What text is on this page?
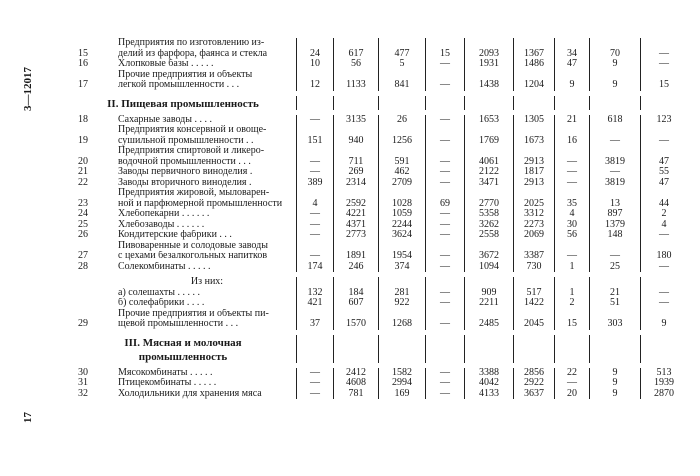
3—12017
17
	Предприятия по изготовлению из-									
15	делий из фарфора, фаянса и стекла	24	617	477	15	2093	1367	34	70	—
16	Хлопковые базы . . . . .	10	56	5	—	1931	1486	47	9	—
	Прочие предприятия и объекты									
17	легкой промышленности . . .	12	1133	841	—	1438	1204	9	9	15

II. Пищевая промышленность										

18	Сахарные заводы . . . .	—	3135	26	—	1653	1305	21	618	123
	Предприятия консервной и овоще-									
19	сушильной промышленности . .	151	940	1256	—	1769	1673	16	—	—
	Предприятия спиртовой и ликеро-									
20	водочной промышленности . . .	—	711	591	—	4061	2913	—	3819	47
21	Заводы первичного виноделия .	—	269	462	—	2122	1817	—	—	55
22	Заводы вторичного виноделия .	389	2314	2709	—	3471	2913	—	3819	47
	Предприятия жировой, мыловарен-									
23	ной и парфюмерной промышленности	4	2592	1028	69	2770	2025	35	13	44
24	Хлебопекарни . . . . . .	—	4221	1059	—	5358	3312	4	897	2
25	Хлебозаводы . . . . . .	—	4371	2244	—	3262	2273	30	1379	4
26	Кондитерские фабрики . . .	—	2773	3624	—	2558	2069	56	148	—
	Пивоваренные и солодовые заводы									
27	с цехами безалкогольных напитков	—	1891	1954	—	3672	3387	—	—	180
28	Солекомбинаты . . . . .	174	246	374	—	1094	730	1	25	—

	Из них:									
	а) солешахты . . . . .	132	184	281	—	909	517	1	21	—
	б) солефабрики . . . .	421	607	922	—	2211	1422	2	51	—
	Прочие предприятия и объекты пи-									
29	щевой промышленности . . .	37	1570	1268	—	2485	2045	15	303	9

III. Мясная и молочная										
промышленность										

30	Мясокомбинаты . . . . .	—	2412	1582	—	3388	2856	22	9	513
31	Птицекомбинаты . . . . .	—	4608	2994	—	4042	2922	—	9	1939
32	Холодильники для хранения мяса	—	781	169	—	4133	3637	20	9	2870
